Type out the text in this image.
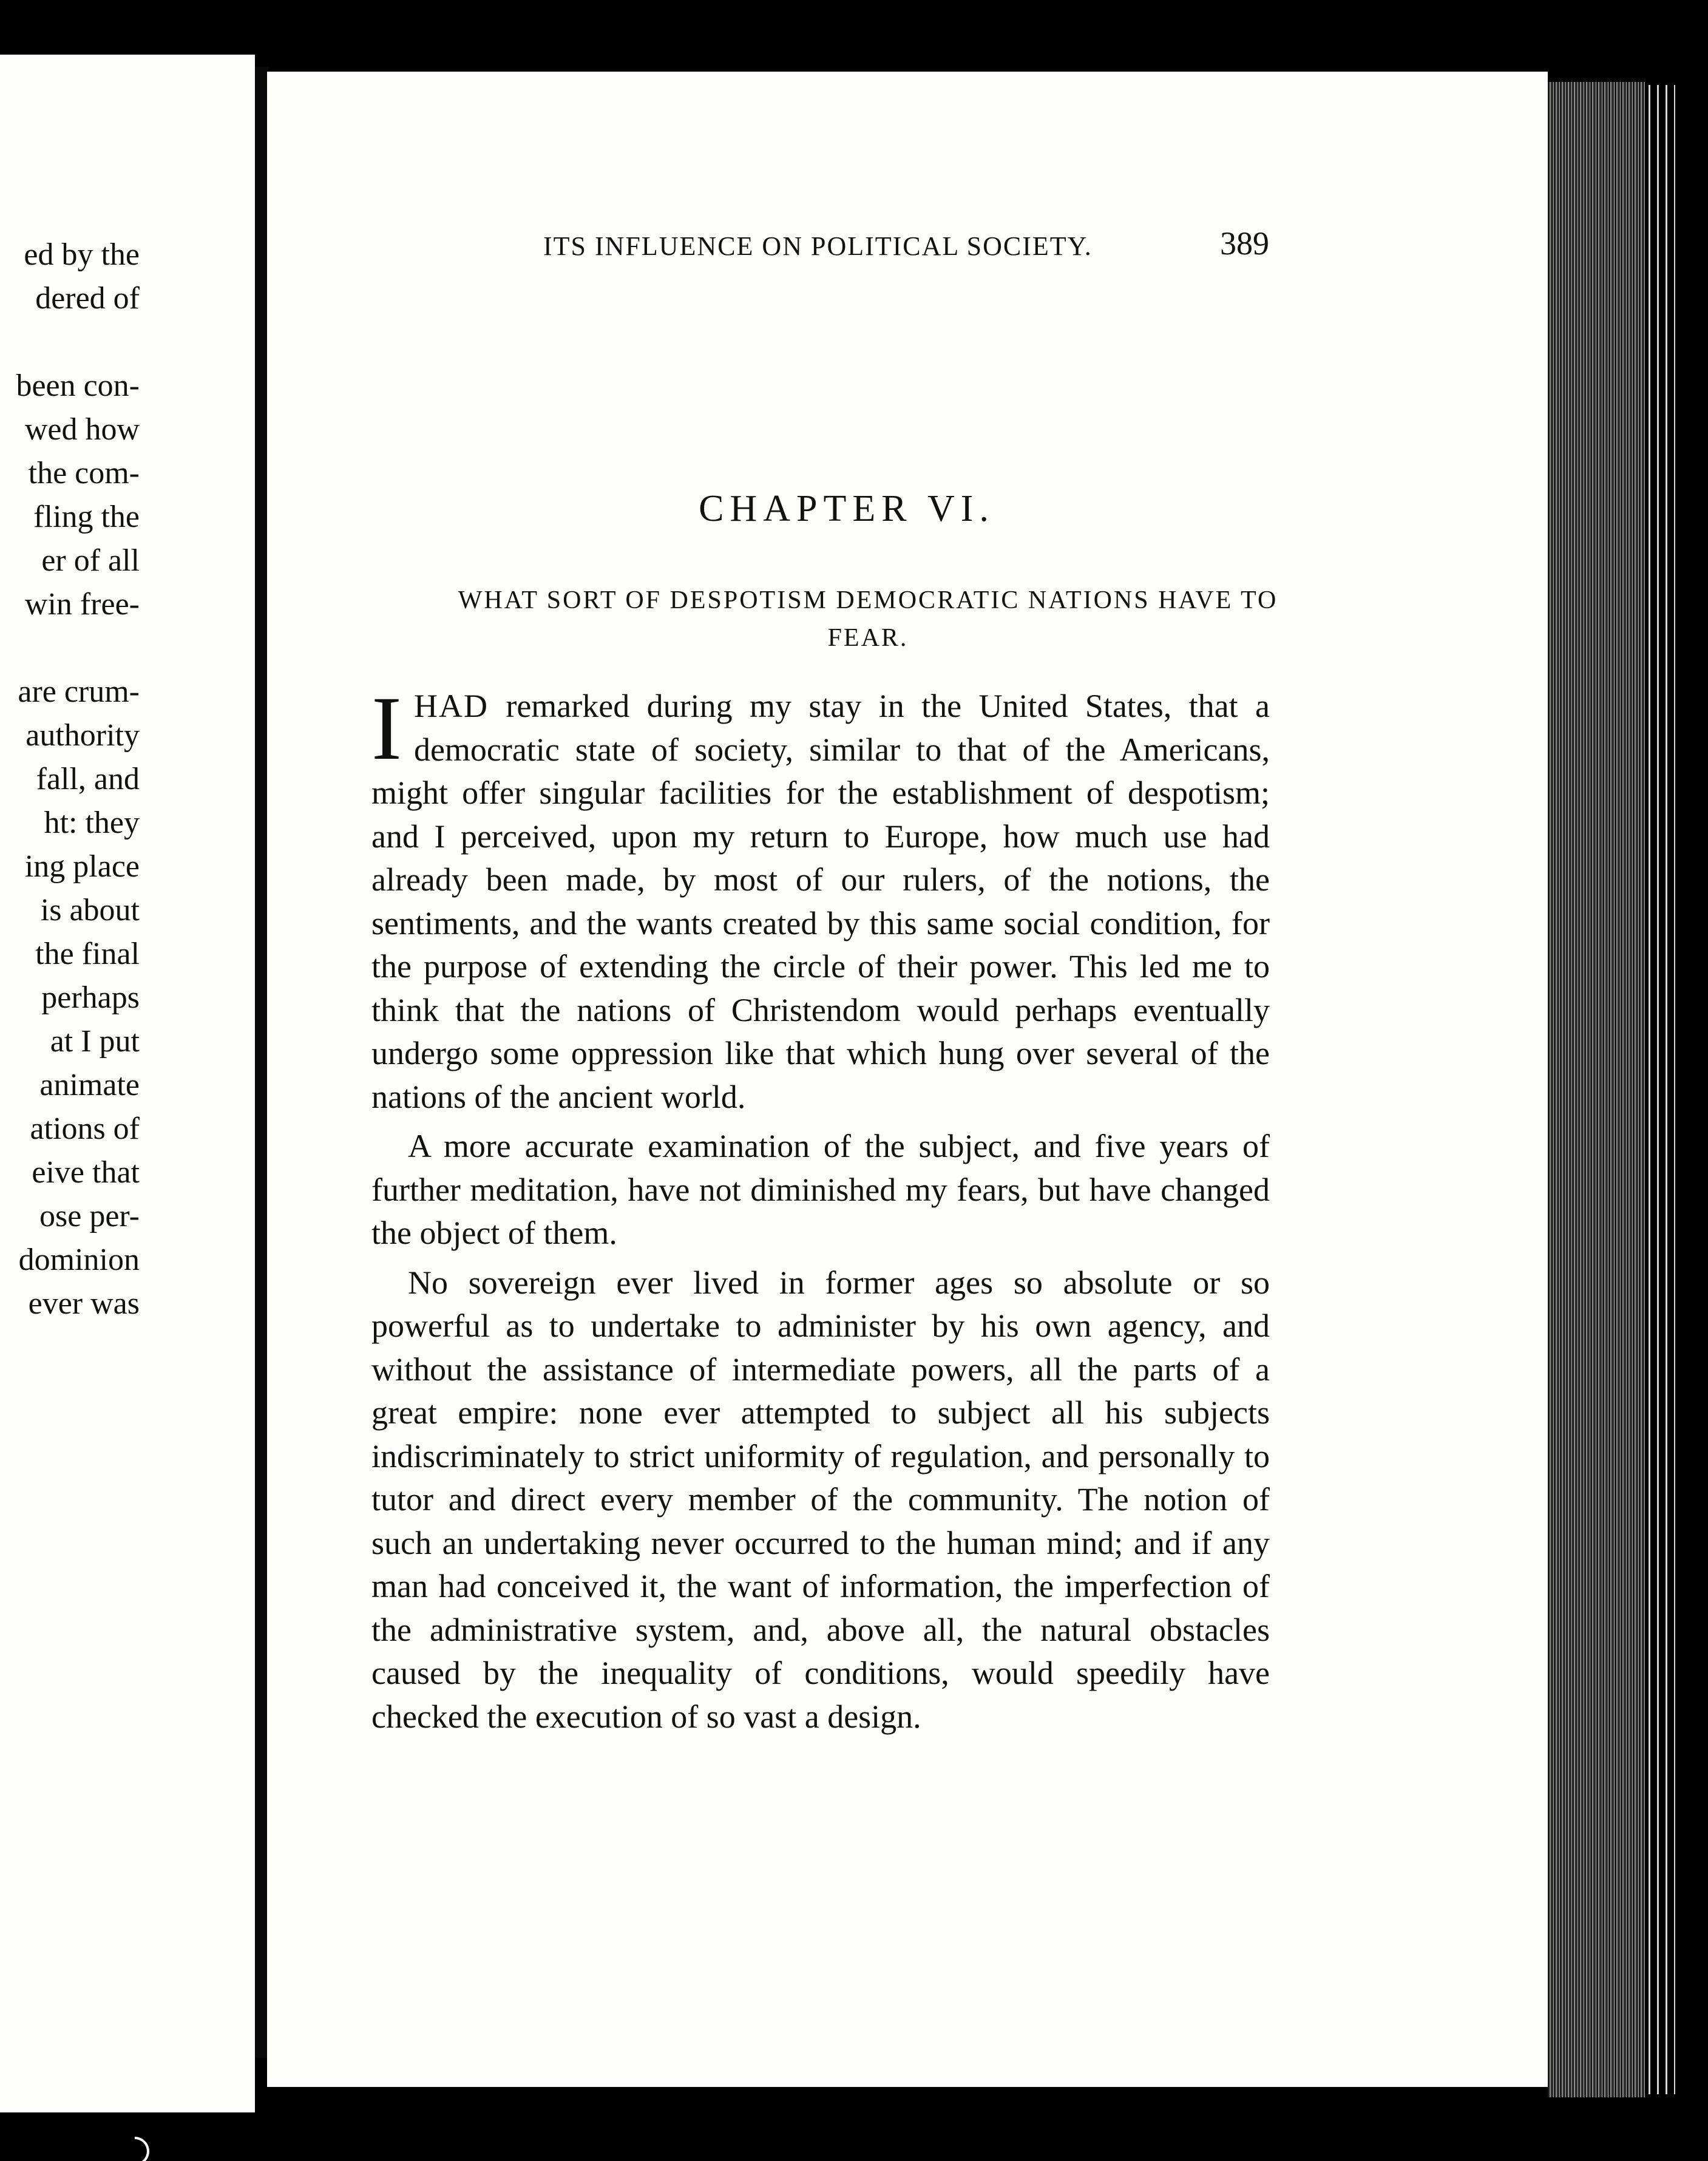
ed by the
dered of
been con-
wed how
the com-
fling the
er of all
win free-
are crum-
authority
fall, and
ht: they
ing place
is about
the final
perhaps
at I put
animate
ations of
eive that
ose per-
dominion
ever was
ITS INFLUENCE ON POLITICAL SOCIETY.	389
CHAPTER VI.
WHAT SORT OF DESPOTISM DEMOCRATIC NATIONS HAVE TO FEAR.

IHAD remarked during my stay in the United States, that a democratic state of society, similar to that of the Americans, might offer singular facilities for the establishment of despotism; and I perceived, upon my return to Europe, how much use had already been made, by most of our rulers, of the notions, the sentiments, and the wants created by this same social condition, for the purpose of extending the circle of their power. This led me to think that the nations of Christendom would perhaps eventually undergo some oppression like that which hung over several of the nations of the ancient world.

A more accurate examination of the subject, and five years of further meditation, have not diminished my fears, but have changed the object of them.

No sovereign ever lived in former ages so absolute or so powerful as to undertake to administer by his own agency, and without the assistance of intermediate powers, all the parts of a great empire: none ever attempted to subject all his subjects indiscriminately to strict uniformity of regulation, and personally to tutor and direct every member of the community. The notion of such an undertaking never occurred to the human mind; and if any man had conceived it, the want of information, the imperfection of the administrative system, and, above all, the natural obstacles caused by the inequality of conditions, would speedily have checked the execution of so vast a design.
